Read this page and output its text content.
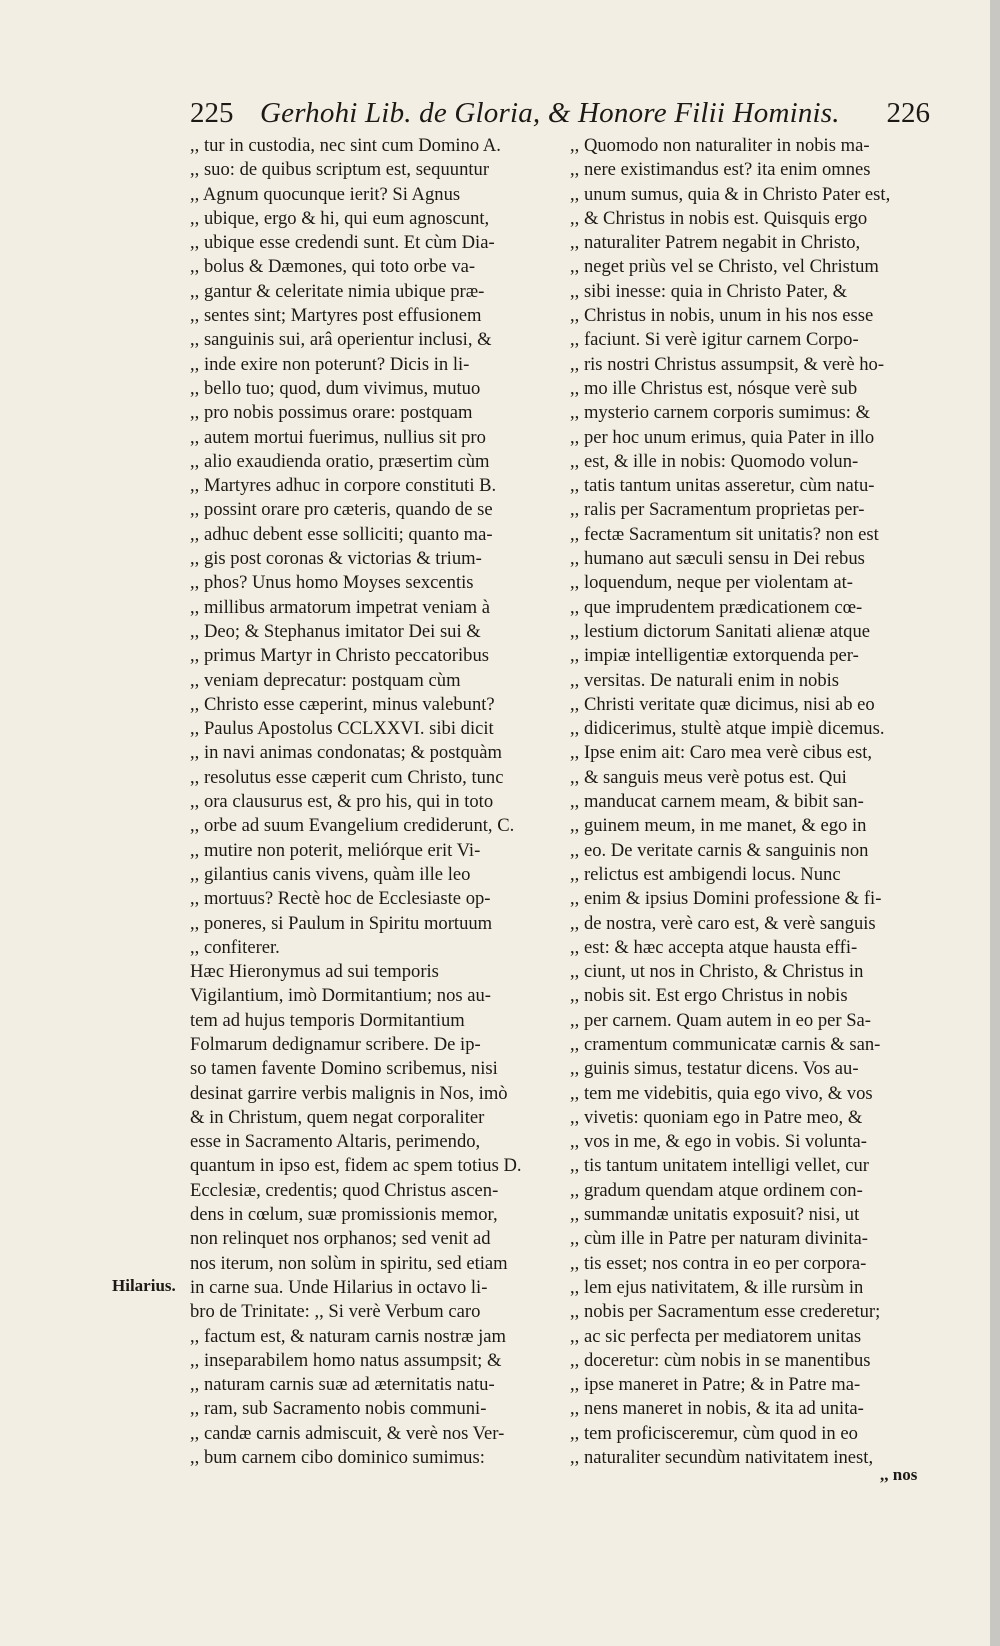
225 Gerhohi Lib. de Gloria, & Honore Filii Hominis. 226
,, tur in custodia, nec sint cum Domino A.
,, suo: de quibus scriptum est, sequuntur
,, Agnum quocunque ierit? Si Agnus
,, ubique, ergo & hi, qui eum agnoscunt,
,, ubique esse credendi sunt. Et cùm Dia-
,, bolus & Dæmones, qui toto orbe va-
,, gantur & celeritate nimia ubique præ-
,, sentes sint; Martyres post effusionem
,, sanguinis sui, arâ operientur inclusi, &
,, inde exire non poterunt? Dicis in li-
,, bello tuo; quod, dum vivimus, mutuo
,, pro nobis possimus orare: postquam
,, autem mortui fuerimus, nullius sit pro
,, alio exaudienda oratio, præsertim cùm
,, Martyres adhuc in corpore constituti B.
,, possint orare pro cæteris, quando de se
,, adhuc debent esse solliciti; quanto ma-
,, gis post coronas & victorias & trium-
,, phos? Unus homo Moyses sexcentis
,, millibus armatorum impetrat veniam à
,, Deo; & Stephanus imitator Dei sui &
,, primus Martyr in Christo peccatoribus
,, veniam deprecatur: postquam cùm
,, Christo esse cæperint, minus valebunt?
,, Paulus Apostolus CCLXXVI. sibi dicit
,, in navi animas condonatas; & postquàm
,, resolutus esse cæperit cum Christo, tunc
,, ora clausurus est, & pro his, qui in toto
,, orbe ad suum Evangelium crediderunt, C.
,, mutire non poterit, meliórque erit Vi-
,, gilantius canis vivens, quàm ille leo
,, mortuus? Rectè hoc de Ecclesiaste op-
,, poneres, si Paulum in Spiritu mortuum
,, confiterer.
Hæc Hieronymus ad sui temporis
Vigilantium, imò Dormitantium; nos au-
tem ad hujus temporis Dormitantium
Folmarum dedignamur scribere. De ip-
so tamen favente Domino scribemus, nisi
desinat garrire verbis malignis in Nos, imò
& in Christum, quem negat corporaliter
esse in Sacramento Altaris, perimendo,
quantum in ipso est, fidem ac spem totius D.
Ecclesiæ, credentis; quod Christus ascen-
dens in cœlum, suæ promissionis memor,
non relinquet nos orphanos; sed venit ad
nos iterum, non solùm in spiritu, sed etiam
in carne sua. Unde Hilarius in octavo li-
bro de Trinitate: ,, Si verè Verbum caro
,, factum est, & naturam carnis nostræ jam
,, inseparabilem homo natus assumpsit; &
,, naturam carnis suæ ad æternitatis natu-
,, ram, sub Sacramento nobis communi-
,, candæ carnis admiscuit, & verè nos Ver-
,, bum carnem cibo dominico sumimus:
,, Quomodo non naturaliter in nobis ma-
,, nere existimandus est? ita enim omnes
,, unum sumus, quia & in Christo Pater est,
,, & Christus in nobis est. Quisquis ergo
,, naturaliter Patrem negabit in Christo,
,, neget priùs vel se Christo, vel Christum
,, sibi inesse: quia in Christo Pater, &
,, Christus in nobis, unum in his nos esse
,, faciunt. Si verè igitur carnem Corpo-
,, ris nostri Christus assumpsit, & verè ho-
,, mo ille Christus est, nósque verè sub
,, mysterio carnem corporis sumimus: &
,, per hoc unum erimus, quia Pater in illo
,, est, & ille in nobis: Quomodo volun-
,, tatis tantum unitas asseretur, cùm natu-
,, ralis per Sacramentum proprietas per-
,, fectæ Sacramentum sit unitatis? non est
,, humano aut sæculi sensu in Dei rebus
,, loquendum, neque per violentam at-
,, que imprudentem prædicationem cœ-
,, lestium dictorum Sanitati alienæ atque
,, impiæ intelligentiæ extorquenda per-
,, versitas. De naturali enim in nobis
,, Christi veritate quæ dicimus, nisi ab eo
,, didicerimus, stultè atque impiè dicemus.
,, Ipse enim ait: Caro mea verè cibus est,
,, & sanguis meus verè potus est. Qui
,, manducat carnem meam, & bibit san-
,, guinem meum, in me manet, & ego in
,, eo. De veritate carnis & sanguinis non
,, relictus est ambigendi locus. Nunc
,, enim & ipsius Domini professione & fi-
,, de nostra, verè caro est, & verè sanguis
,, est: & hæc accepta atque hausta effi-
,, ciunt, ut nos in Christo, & Christus in
,, nobis sit. Est ergo Christus in nobis
,, per carnem. Quam autem in eo per Sa-
,, cramentum communicatæ carnis & san-
,, guinis simus, testatur dicens. Vos au-
,, tem me videbitis, quia ego vivo, & vos
,, vivetis: quoniam ego in Patre meo, &
,, vos in me, & ego in vobis. Si volunta-
,, tis tantum unitatem intelligi vellet, cur
,, gradum quendam atque ordinem con-
,, summandæ unitatis exposuit? nisi, ut
,, cùm ille in Patre per naturam divinita-
,, tis esset; nos contra in eo per corpora-
,, lem ejus nativitatem, & ille rursùm in
,, nobis per Sacramentum esse crederetur;
,, ac sic perfecta per mediatorem unitas
,, doceretur: cùm nobis in se manentibus
,, ipse maneret in Patre; & in Patre ma-
,, nens maneret in nobis, & ita ad unita-
,, tem proficisceremur, cùm quod in eo
,, naturaliter secundùm nativitatem inest,
Hilarius.
,, nos
